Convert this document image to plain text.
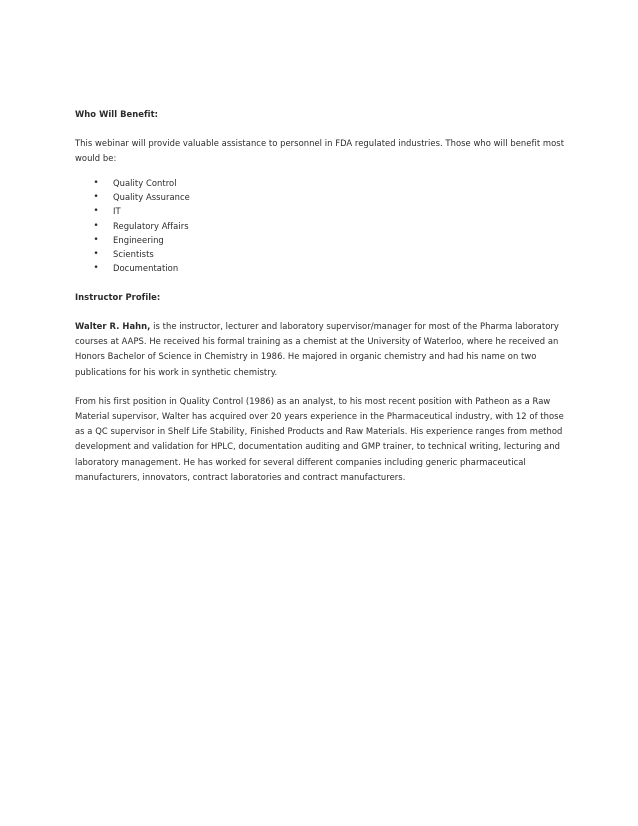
Who Will Benefit:

This webinar will provide valuable assistance to personnel in FDA regulated industries. Those who will benefit most would be:

• Quality Control
• Quality Assurance
• IT
• Regulatory Affairs
• Engineering
• Scientists
• Documentation

Instructor Profile:

Walter R. Hahn, is the instructor, lecturer and laboratory supervisor/manager for most of the Pharma laboratory courses at AAPS. He received his formal training as a chemist at the University of Waterloo, where he received an Honors Bachelor of Science in Chemistry in 1986. He majored in organic chemistry and had his name on two publications for his work in synthetic chemistry.

From his first position in Quality Control (1986) as an analyst, to his most recent position with Patheon as a Raw Material supervisor, Walter has acquired over 20 years experience in the Pharmaceutical industry, with 12 of those as a QC supervisor in Shelf Life Stability, Finished Products and Raw Materials. His experience ranges from method development and validation for HPLC, documentation auditing and GMP trainer, to technical writing, lecturing and laboratory management. He has worked for several different companies including generic pharmaceutical manufacturers, innovators, contract laboratories and contract manufacturers.
